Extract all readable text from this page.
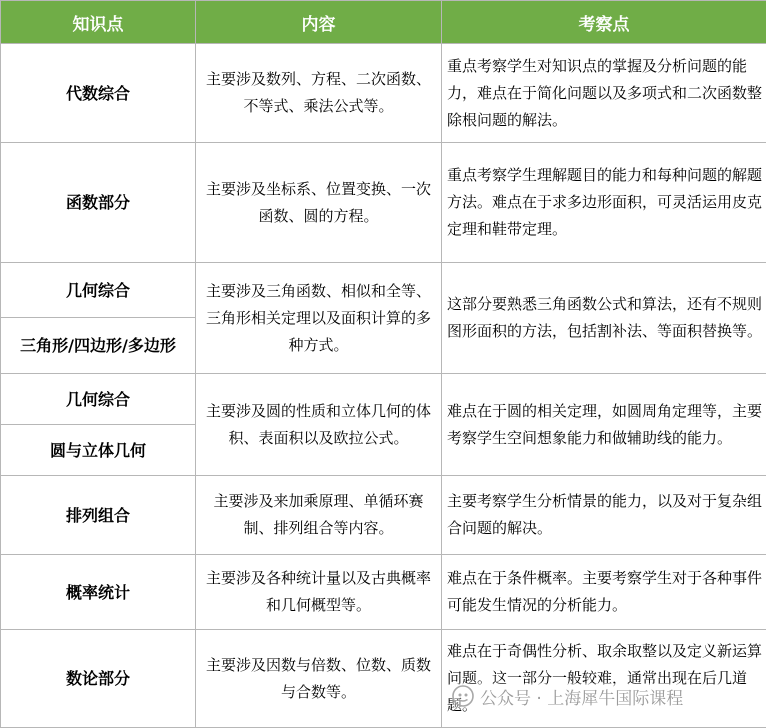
知识点	内容	考察点
代数综合	主要涉及数列、方程、二次函数、不等式、乘法公式等。	重点考察学生对知识点的掌握及分析问题的能力，难点在于简化问题以及多项式和二次函数整除根问题的解法。
函数部分	主要涉及坐标系、位置变换、一次函数、圆的方程。	重点考察学生理解题目的能力和每种问题的解题方法。难点在于求多边形面积，可灵活运用皮克定理和鞋带定理。
几何综合	主要涉及三角函数、相似和全等、三角形相关定理以及面积计算的多种方式。	这部分要熟悉三角函数公式和算法，还有不规则图形面积的方法，包括割补法、等面积替换等。
三角形/四边形/多边形		
几何综合	主要涉及圆的性质和立体几何的体积、表面积以及欧拉公式。	难点在于圆的相关定理，如圆周角定理等，主要考察学生空间想象能力和做辅助线的能力。
圆与立体几何		
排列组合	主要涉及来加乘原理、单循环赛制、排列组合等内容。	主要考察学生分析情景的能力，以及对于复杂组合问题的解决。
概率统计	主要涉及各种统计量以及古典概率和几何概型等。	难点在于条件概率。主要考察学生对于各种事件可能发生情况的分析能力。
数论部分	主要涉及因数与倍数、位数、质数与合数等。	难点在于奇偶性分析、取余取整以及定义新运算问题。这一部分一般较难，通常出现在后几道题。 公众号 · 上海犀牛国际课程
